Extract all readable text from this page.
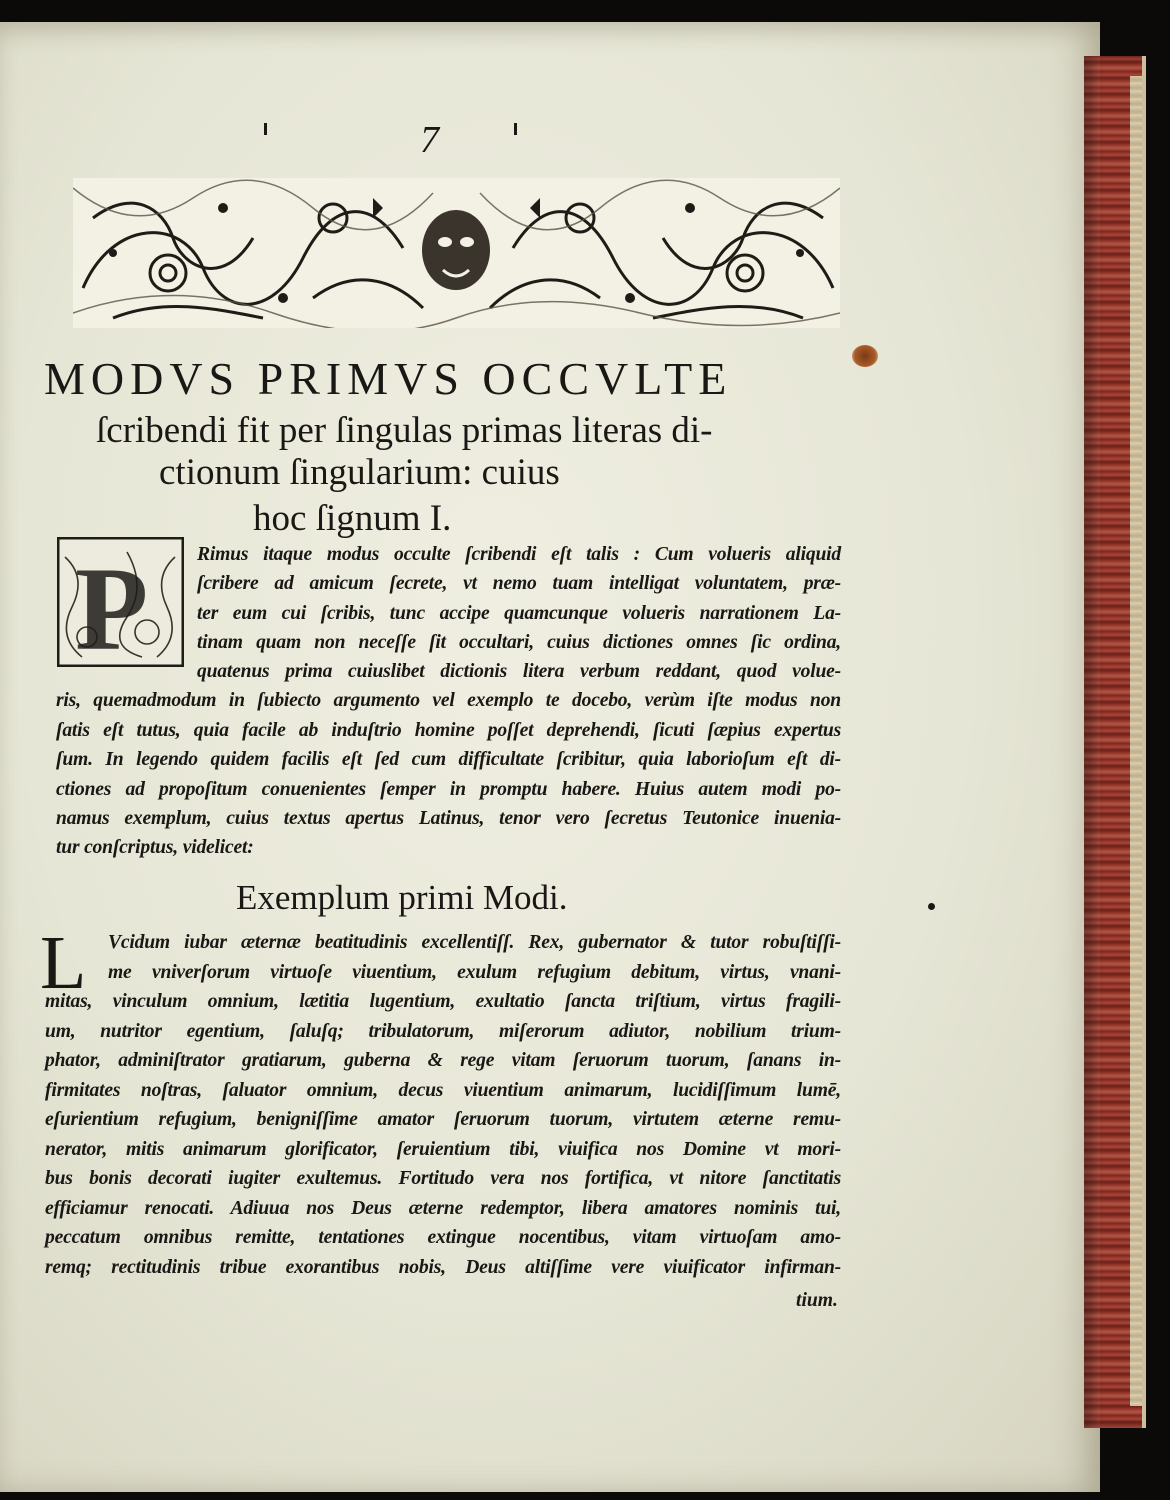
7
MODVS PRIMVS OCCVLTE
ſcribendi fit per ſingulas primas literas di-
ctionum ſingularium: cuius
hoc ſignum I.
P Rimus itaque modus occulte ſcribendi eſt talis : Cum volueris aliquid
ſcribere ad amicum ſecrete, vt nemo tuam intelligat voluntatem, præ-
ter eum cui ſcribis, tunc accipe quamcunque volueris narrationem La-
tinam quam non neceſſe ſit occultari, cuius dictiones omnes ſic ordina,
quatenus prima cuiuslibet dictionis litera verbum reddant, quod volue-
ris, quemadmodum in ſubiecto argumento vel exemplo te docebo, verùm iſte modus non
ſatis eſt tutus, quia facile ab induſtrio homine poſſet deprehendi, ſicuti ſæpius expertus
ſum. In legendo quidem facilis eſt ſed cum difficultate ſcribitur, quia laborioſum eſt di-
ctiones ad propoſitum conuenientes ſemper in promptu habere. Huius autem modi po-
namus exemplum, cuius textus apertus Latinus, tenor vero ſecretus Teutonice inuenia-
tur conſcriptus, videlicet:
Exemplum primi Modi.
L Vcidum iubar æternæ beatitudinis excellentiſſ. Rex, gubernator & tutor robuſtiſſi-
me vniverſorum virtuoſe viuentium, exulum refugium debitum, virtus, vnani-
mitas, vinculum omnium, lætitia lugentium, exultatio ſancta triſtium, virtus fragili-
um, nutritor egentium, ſaluſq; tribulatorum, miſerorum adiutor, nobilium trium-
phator, adminiſtrator gratiarum, guberna & rege vitam ſeruorum tuorum, ſanans in-
firmitates noſtras, ſaluator omnium, decus viuentium animarum, lucidiſſimum lumē,
eſurientium refugium, benigniſſime amator ſeruorum tuorum, virtutem æterne remu-
nerator, mitis animarum glorificator, ſeruientium tibi, viuifica nos Domine vt mori-
bus bonis decorati iugiter exultemus. Fortitudo vera nos fortifica, vt nitore ſanctitatis
efficiamur renocati. Adiuua nos Deus æterne redemptor, libera amatores nominis tui,
peccatum omnibus remitte, tentationes extingue nocentibus, vitam virtuoſam amo-
remq; rectitudinis tribue exorantibus nobis, Deus altiſſime vere viuificator infirman-
tium.
